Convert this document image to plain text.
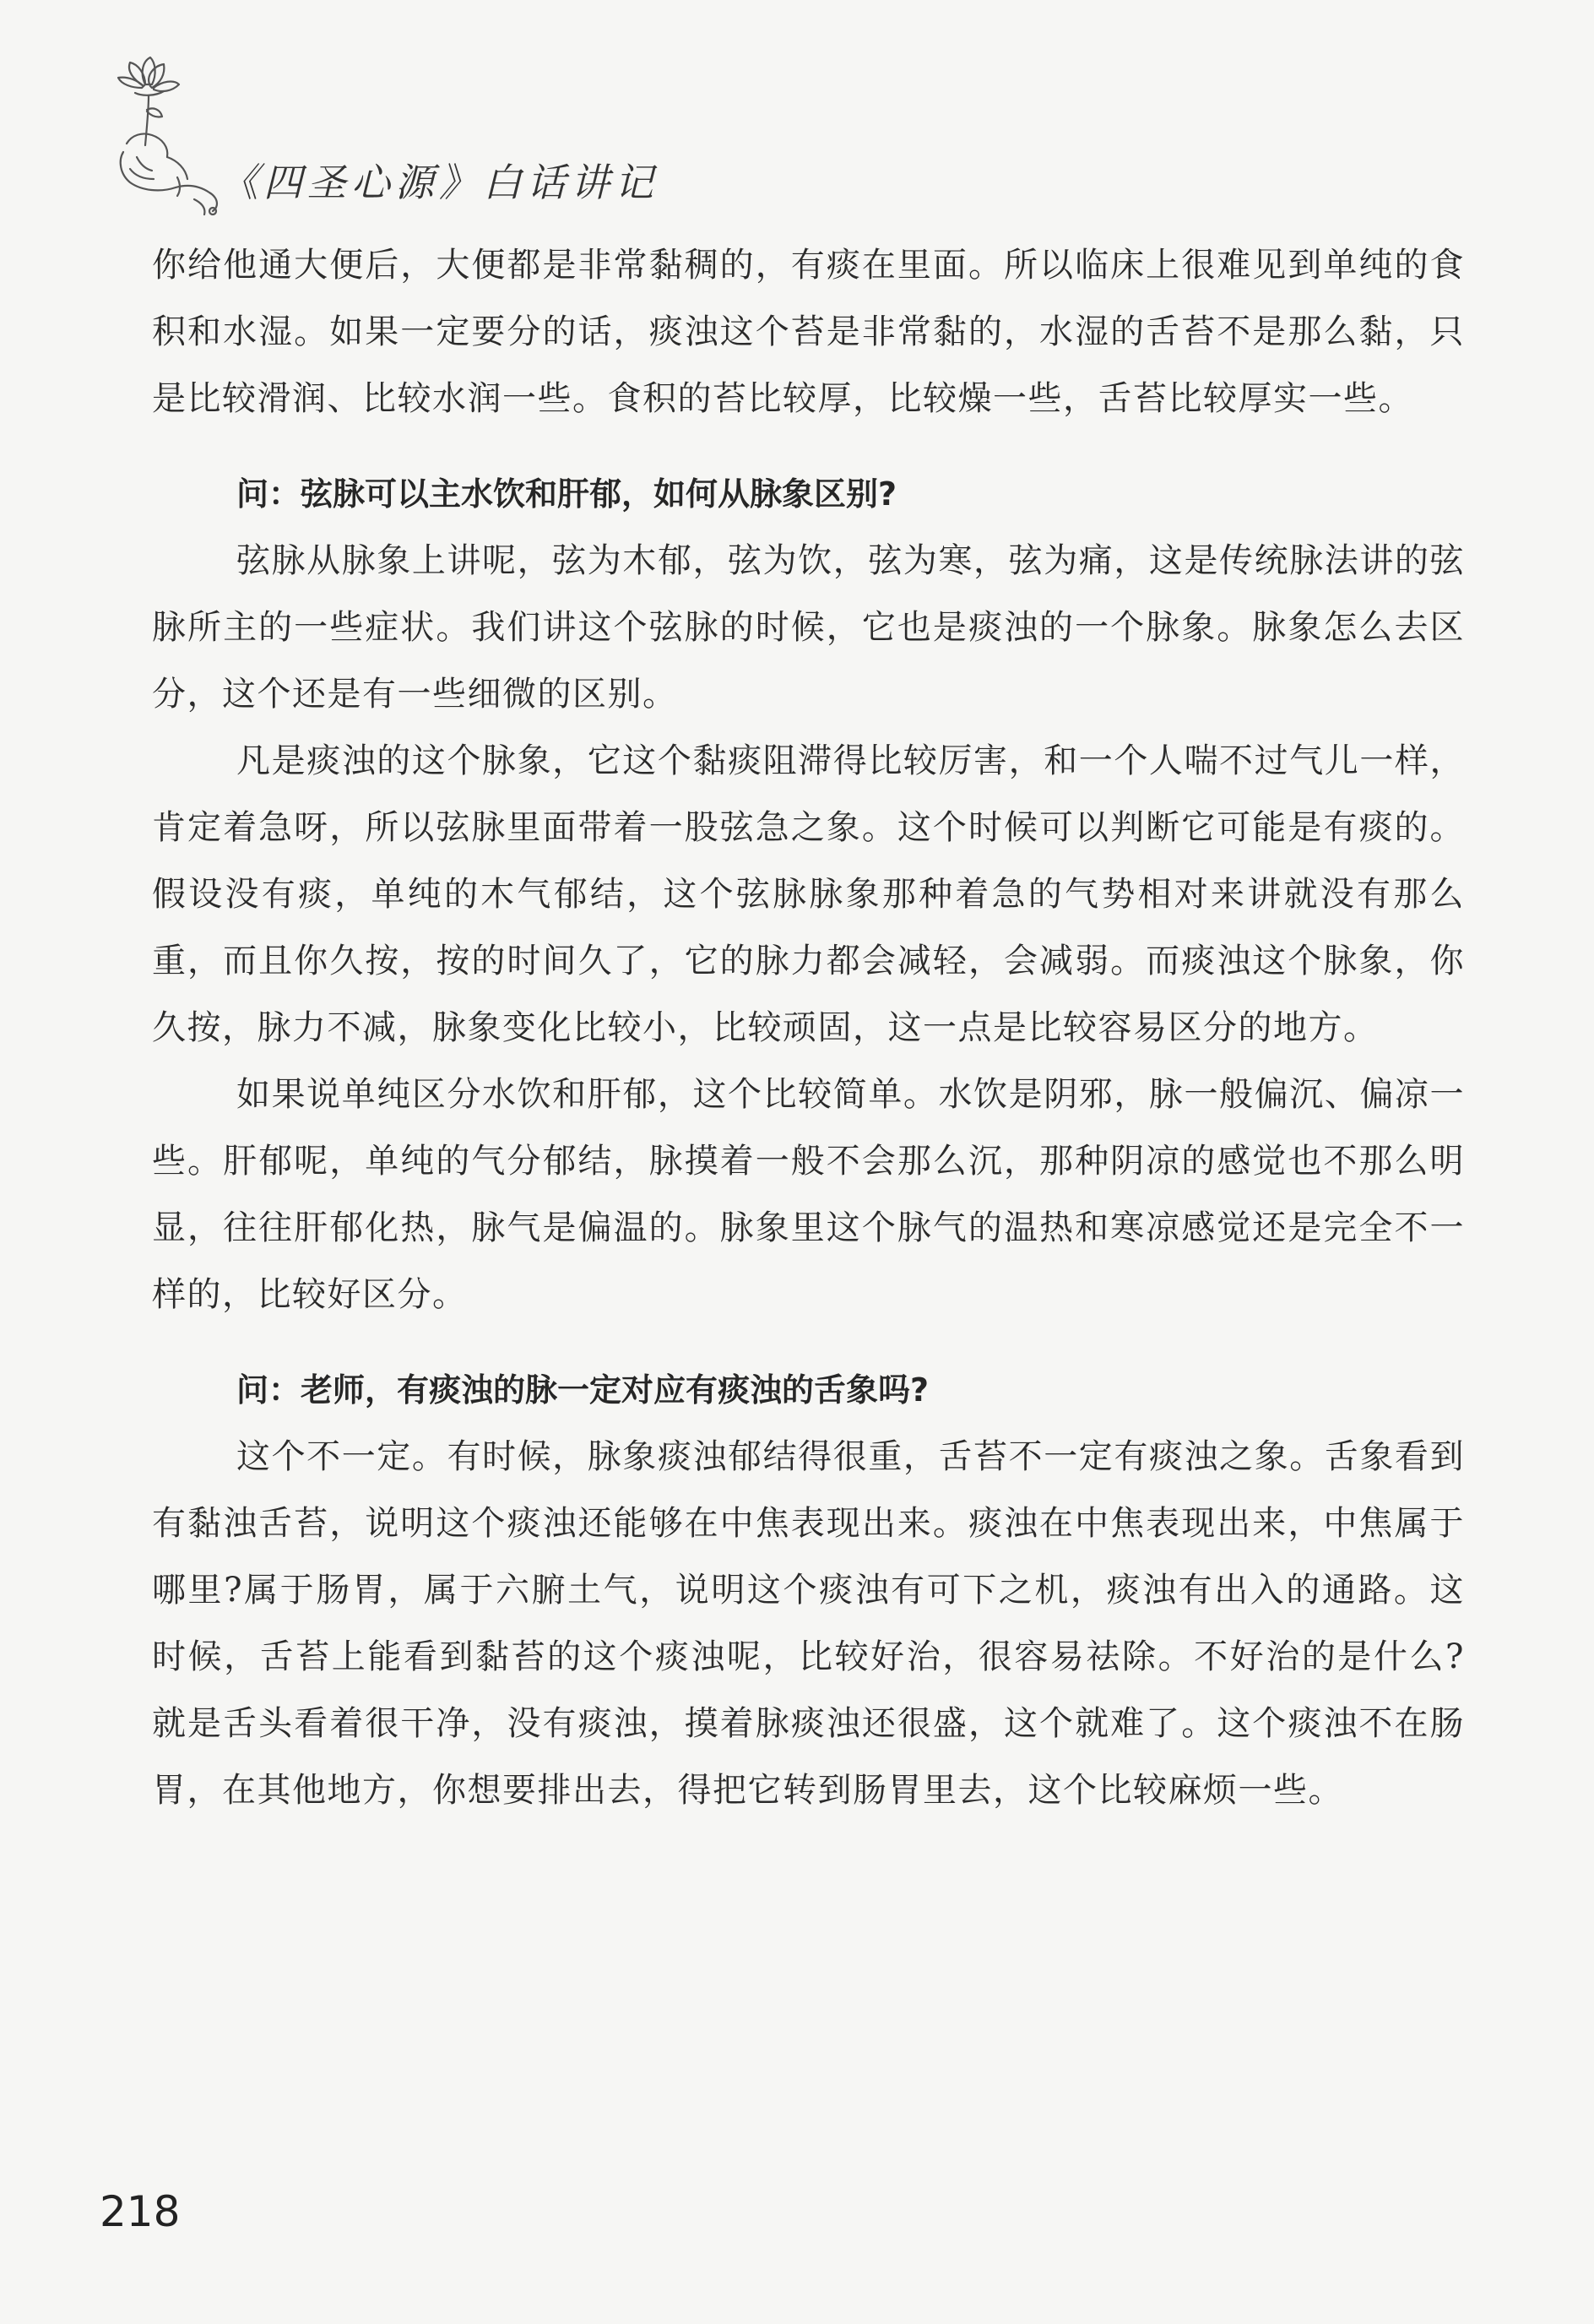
《四圣心源》白话讲记

你给他通大便后，大便都是非常黏稠的，有痰在里面。所以临床上很难见到单纯的食积和水湿。如果一定要分的话，痰浊这个苔是非常黏的，水湿的舌苔不是那么黏，只是比较滑润、比较水润一些。食积的苔比较厚，比较燥一些，舌苔比较厚实一些。

问：弦脉可以主水饮和肝郁，如何从脉象区别?

弦脉从脉象上讲呢，弦为木郁，弦为饮，弦为寒，弦为痛，这是传统脉法讲的弦脉所主的一些症状。我们讲这个弦脉的时候，它也是痰浊的一个脉象。脉象怎么去区分，这个还是有一些细微的区别。

凡是痰浊的这个脉象，它这个黏痰阻滞得比较厉害，和一个人喘不过气儿一样，肯定着急呀，所以弦脉里面带着一股弦急之象。这个时候可以判断它可能是有痰的。假设没有痰，单纯的木气郁结，这个弦脉脉象那种着急的气势相对来讲就没有那么重，而且你久按，按的时间久了，它的脉力都会减轻，会减弱。而痰浊这个脉象，你久按，脉力不减，脉象变化比较小，比较顽固，这一点是比较容易区分的地方。

如果说单纯区分水饮和肝郁，这个比较简单。水饮是阴邪，脉一般偏沉、偏凉一些。肝郁呢，单纯的气分郁结，脉摸着一般不会那么沉，那种阴凉的感觉也不那么明显，往往肝郁化热，脉气是偏温的。脉象里这个脉气的温热和寒凉感觉还是完全不一样的，比较好区分。

问：老师，有痰浊的脉一定对应有痰浊的舌象吗?

这个不一定。有时候，脉象痰浊郁结得很重，舌苔不一定有痰浊之象。舌象看到有黏浊舌苔，说明这个痰浊还能够在中焦表现出来。痰浊在中焦表现出来，中焦属于哪里?属于肠胃，属于六腑土气，说明这个痰浊有可下之机，痰浊有出入的通路。这时候，舌苔上能看到黏苔的这个痰浊呢，比较好治，很容易祛除。不好治的是什么?就是舌头看着很干净，没有痰浊，摸着脉痰浊还很盛，这个就难了。这个痰浊不在肠胃，在其他地方，你想要排出去，得把它转到肠胃里去，这个比较麻烦一些。

218
